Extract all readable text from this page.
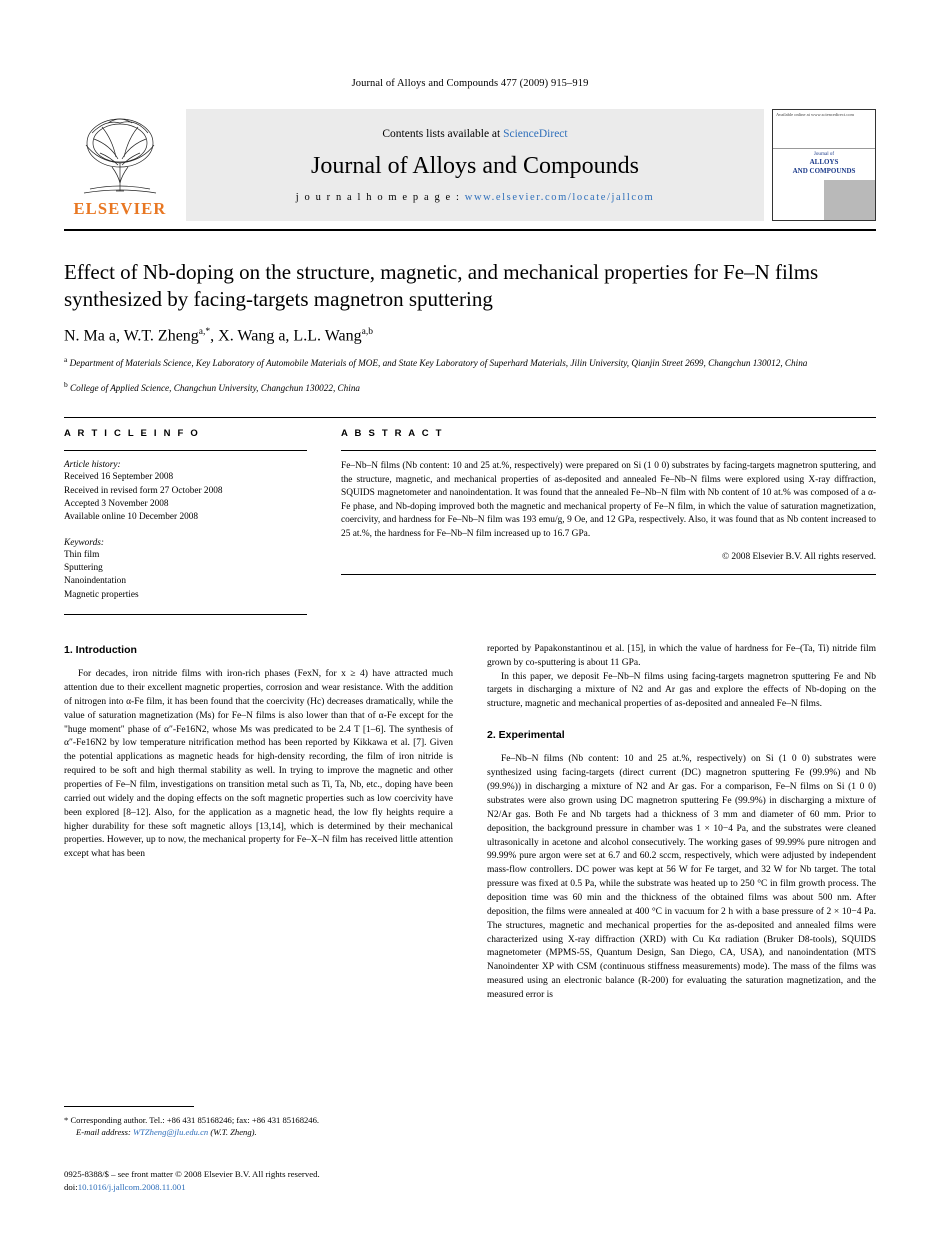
Journal of Alloys and Compounds 477 (2009) 915–919
ELSEVIER
Contents lists available at ScienceDirect
Journal of Alloys and Compounds
j o u r n a l h o m e p a g e : www.elsevier.com/locate/jallcom
Available online at www.sciencedirect.com
Journal of
ALLOYS
AND COMPOUNDS
Effect of Nb-doping on the structure, magnetic, and mechanical properties for Fe–N films synthesized by facing-targets magnetron sputtering
N. Ma a, W.T. Zheng$^{a,*}$, X. Wang a, L.L. Wang$^{a,b}$
$^a$ Department of Materials Science, Key Laboratory of Automobile Materials of MOE, and State Key Laboratory of Superhard Materials, Jilin University, Qianjin Street 2699, Changchun 130012, China
$^b$ College of Applied Science, Changchun University, Changchun 130022, China
A R T I C L E I N F O
Article history:
Received 16 September 2008
Received in revised form 27 October 2008
Accepted 3 November 2008
Available online 10 December 2008
Keywords:
Thin film
Sputtering
Nanoindentation
Magnetic properties
A B S T R A C T
Fe–Nb–N films (Nb content: 10 and 25 at.%, respectively) were prepared on Si (1 0 0) substrates by facing-targets magnetron sputtering, and the structure, magnetic, and mechanical properties of as-deposited and annealed Fe–Nb–N films were explored using X-ray diffraction, SQUIDS magnetometer and nanoindentation. It was found that the annealed Fe–Nb–N film with Nb content of 10 at.% was composed of a α-Fe phase, and Nb-doping improved both the magnetic and mechanical property of Fe–N film, in which the value of saturation magnetization, coercivity, and hardness for Fe–Nb–N film was 193 emu/g, 9 Oe, and 12 GPa, respectively. Also, it was found that as Nb content increased to 25 at.%, the hardness for Fe–Nb–N film increased up to 16.7 GPa.
© 2008 Elsevier B.V. All rights reserved.
1. Introduction

For decades, iron nitride films with iron-rich phases (FexN, for x ≥ 4) have attracted much attention due to their excellent magnetic properties, corrosion and wear resistance. With the addition of nitrogen into α-Fe film, it has been found that the coercivity (Hc) decreases dramatically, while the value of saturation magnetization (Ms) for Fe–N films is also lower than that of α-Fe except for the "huge moment" phase of α″-Fe16N2, whose Ms was predicated to be 2.4 T [1–6]. The synthesis of α″-Fe16N2 by low temperature nitrification method has been reported by Kikkawa et al. [7]. Given the potential applications as magnetic heads for high-density recording, the film of iron nitride is required to be soft and high thermal stability as well. In trying to improve the magnetic and other properties of Fe–N film, investigations on transition metal such as Ti, Ta, Nb, etc., doping have been carried out widely and the doping effects on the soft magnetic properties such as low coercivity have been explored [8–12]. Also, for the application as a magnetic head, the low fly heights require a higher durability for these soft magnetic alloys [13,14], which is determined by their mechanical properties. However, up to now, the mechanical property for Fe–X–N film has received little attention except what has been

reported by Papakonstantinou et al. [15], in which the value of hardness for Fe–(Ta, Ti) nitride film grown by co-sputtering is about 11 GPa.

In this paper, we deposit Fe–Nb–N films using facing-targets magnetron sputtering Fe and Nb targets in discharging a mixture of N2 and Ar gas and explore the effects of Nb-doping on the structure, magnetic and mechanical properties of as-deposited and annealed Fe–N films.

2. Experimental

Fe–Nb–N films (Nb content: 10 and 25 at.%, respectively) on Si (1 0 0) substrates were synthesized using facing-targets (direct current (DC) magnetron sputtering Fe (99.9%) and Nb (99.9%)) in discharging a mixture of N2 and Ar gas. For a comparison, Fe–N films on Si (1 0 0) substrates were also grown using DC magnetron sputtering Fe (99.9%) in discharging a mixture of N2/Ar gas. Both Fe and Nb targets had a thickness of 3 mm and diameter of 60 mm. Prior to deposition, the background pressure in chamber was 1 × 10−4 Pa, and the substrates were cleaned ultrasonically in acetone and alcohol consecutively. The working gases of 99.99% pure nitrogen and 99.99% pure argon were set at 6.7 and 60.2 sccm, respectively, which were adjusted by independent mass-flow controllers. DC power was kept at 56 W for Fe target, and 32 W for Nb target. The total pressure was fixed at 0.5 Pa, while the substrate was heated up to 250 °C in film growth process. The deposition time was 60 min and the thickness of the obtained films was about 500 nm. After deposition, the films were annealed at 400 °C in vacuum for 2 h with a base pressure of 2 × 10−4 Pa. The structures, magnetic and mechanical properties for the as-deposited and annealed films were characterized using X-ray diffraction (XRD) with Cu Kα radiation (Bruker D8-tools), SQUIDS magnetometer (MPMS-5S, Quantum Design, San Diego, CA, USA), and nanoindentation (MTS Nanoindenter XP with CSM (continuous stiffness measurements) mode). The mass of the films was measured using an electronic balance (R-200) for evaluating the saturation magnetization, and the measured error is

* Corresponding author. Tel.: +86 431 85168246; fax: +86 431 85168246.
E-mail address: WTZheng@jlu.edu.cn (W.T. Zheng).
0925-8388/$ – see front matter © 2008 Elsevier B.V. All rights reserved.
doi:10.1016/j.jallcom.2008.11.001
